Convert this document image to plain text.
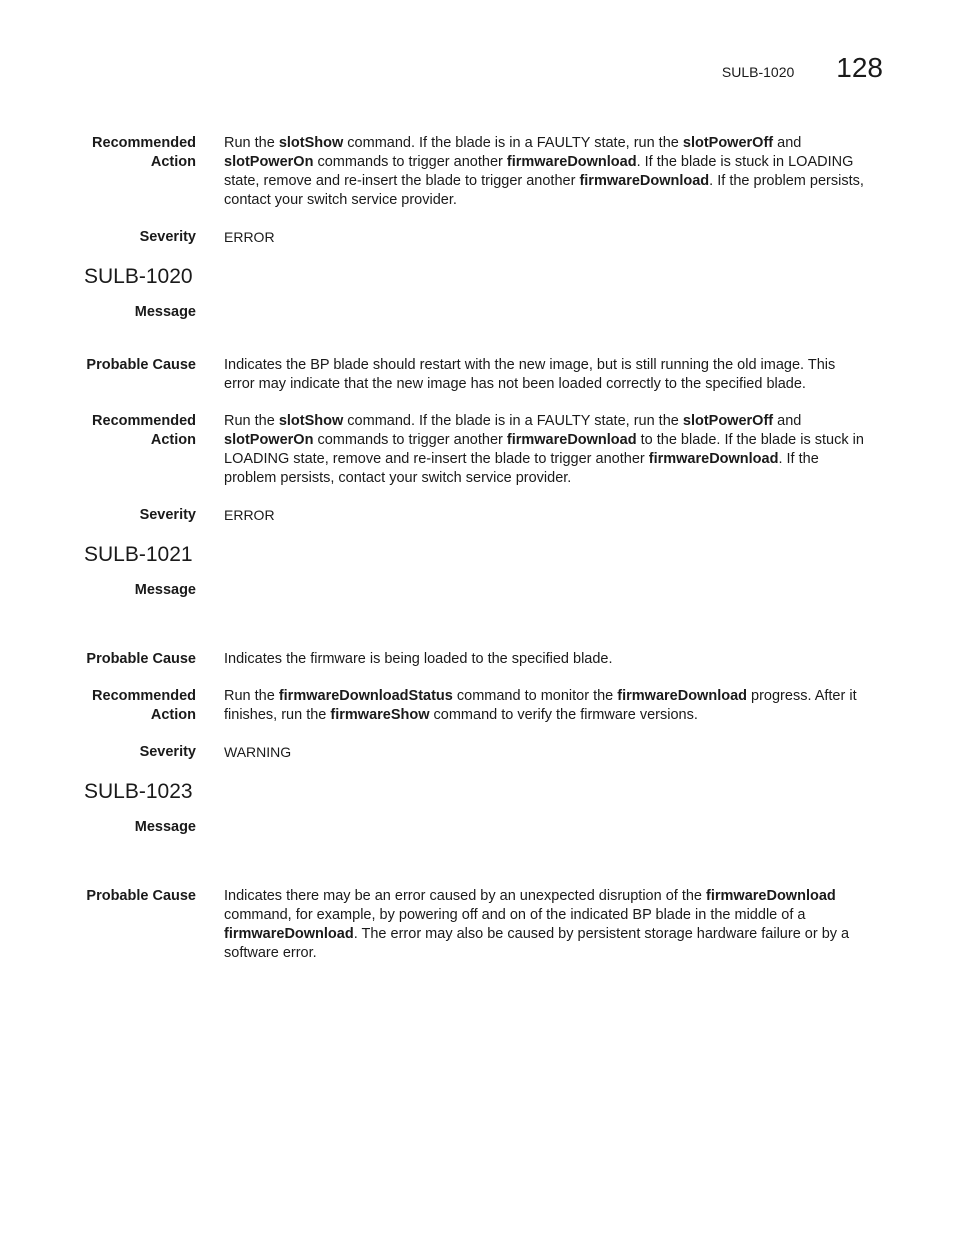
SULB-1020 128
Recommended
Action
Run the slotShow command. If the blade is in a FAULTY state, run the slotPowerOff and slotPowerOn commands to trigger another firmwareDownload. If the blade is stuck in LOADING state, remove and re-insert the blade to trigger another firmwareDownload. If the problem persists, contact your switch service provider.
Severity ERROR
SULB-1020
Message
Probable Cause Indicates the BP blade should restart with the new image, but is still running the old image. This error may indicate that the new image has not been loaded correctly to the specified blade.
Recommended
Action
Run the slotShow command. If the blade is in a FAULTY state, run the slotPowerOff and slotPowerOn commands to trigger another firmwareDownload to the blade. If the blade is stuck in LOADING state, remove and re-insert the blade to trigger another firmwareDownload. If the problem persists, contact your switch service provider.
Severity ERROR
SULB-1021
Message
Probable Cause Indicates the firmware is being loaded to the specified blade.
Recommended
Action
Run the firmwareDownloadStatus command to monitor the firmwareDownload progress. After it finishes, run the firmwareShow command to verify the firmware versions.
Severity WARNING
SULB-1023
Message
Probable Cause Indicates there may be an error caused by an unexpected disruption of the firmwareDownload command, for example, by powering off and on of the indicated BP blade in the middle of a firmwareDownload. The error may also be caused by persistent storage hardware failure or by a software error.
